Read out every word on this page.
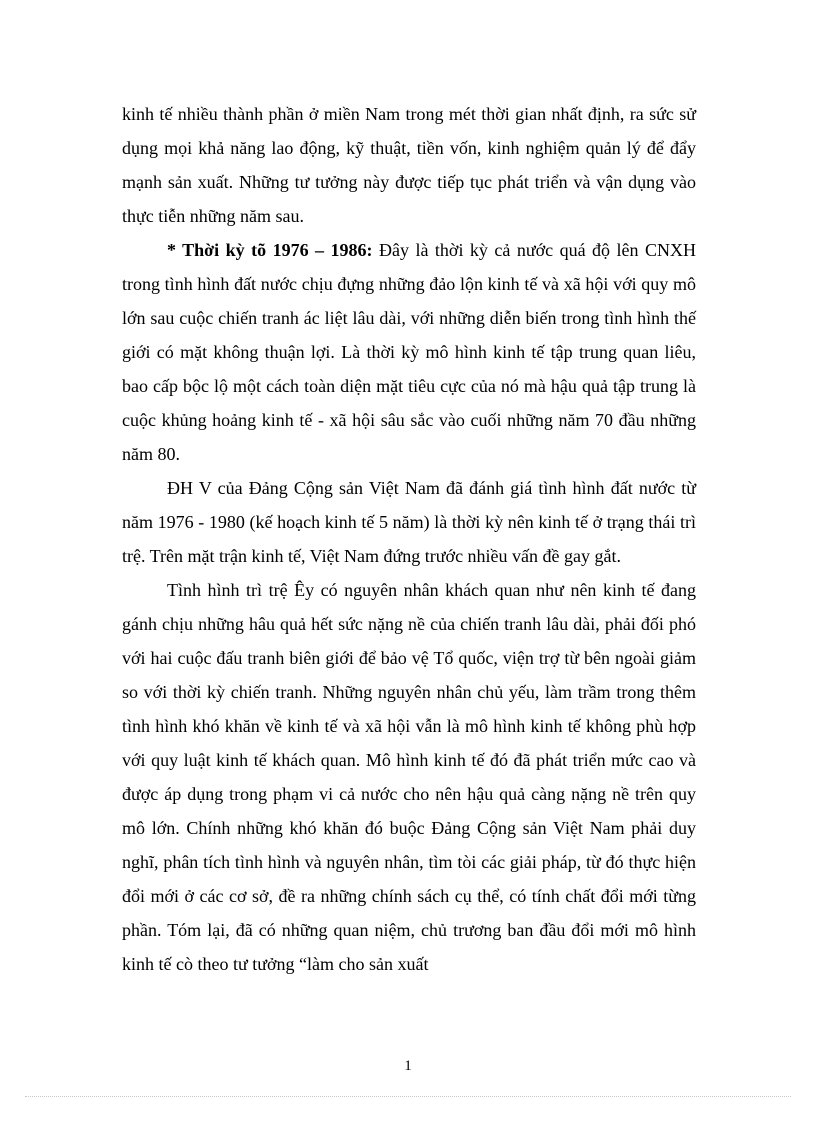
kinh tế nhiều thành phần ở miền Nam trong mét thời gian nhất định, ra sức sử dụng mọi khả năng lao động, kỹ thuật, tiền vốn, kinh nghiệm quản lý để đẩy mạnh sản xuất. Những tư tưởng này được tiếp tục phát triển và vận dụng vào thực tiễn những năm sau.

* Thời kỳ tõ 1976 – 1986: Đây là thời kỳ cả nước quá độ lên CNXH trong tình hình đất nước chịu đựng những đảo lộn kinh tế và xã hội với quy mô lớn sau cuộc chiến tranh ác liệt lâu dài, với những diễn biến trong tình hình thế giới có mặt không thuận lợi. Là thời kỳ mô hình kinh tế tập trung quan liêu, bao cấp bộc lộ một cách toàn diện mặt tiêu cực của nó mà hậu quả tập trung là cuộc khủng hoảng kinh tế - xã hội sâu sắc vào cuối những năm 70 đầu những năm 80.

ĐH V của Đảng Cộng sản Việt Nam đã đánh giá tình hình đất nước từ năm 1976 - 1980 (kế hoạch kinh tế 5 năm) là thời kỳ nên kinh tế ở trạng thái trì trệ. Trên mặt trận kinh tế, Việt Nam đứng trước nhiều vấn đề gay gắt.

Tình hình trì trệ Êy có nguyên nhân khách quan như nên kinh tế đang gánh chịu những hâu quả hết sức nặng nề của chiến tranh lâu dài, phải đối phó với hai cuộc đấu tranh biên giới để bảo vệ Tổ quốc, viện trợ từ bên ngoài giảm so với thời kỳ chiến tranh. Những nguyên nhân chủ yếu, làm trầm trong thêm tình hình khó khăn về kinh tế và xã hội vẫn là mô hình kinh tế không phù hợp với quy luật kinh tế khách quan. Mô hình kinh tế đó đã phát triển mức cao và được áp dụng trong phạm vi cả nước cho nên hậu quả càng nặng nề trên quy mô lớn. Chính những khó khăn đó buộc Đảng Cộng sản Việt Nam phải duy nghĩ, phân tích tình hình và nguyên nhân, tìm tòi các giải pháp, từ đó thực hiện đổi mới ở các cơ sở, đề ra những chính sách cụ thể, có tính chất đổi mới từng phần. Tóm lại, đã có những quan niệm, chủ trương ban đầu đổi mới mô hình kinh tế cò theo tư tưởng “làm cho sản xuất

1
